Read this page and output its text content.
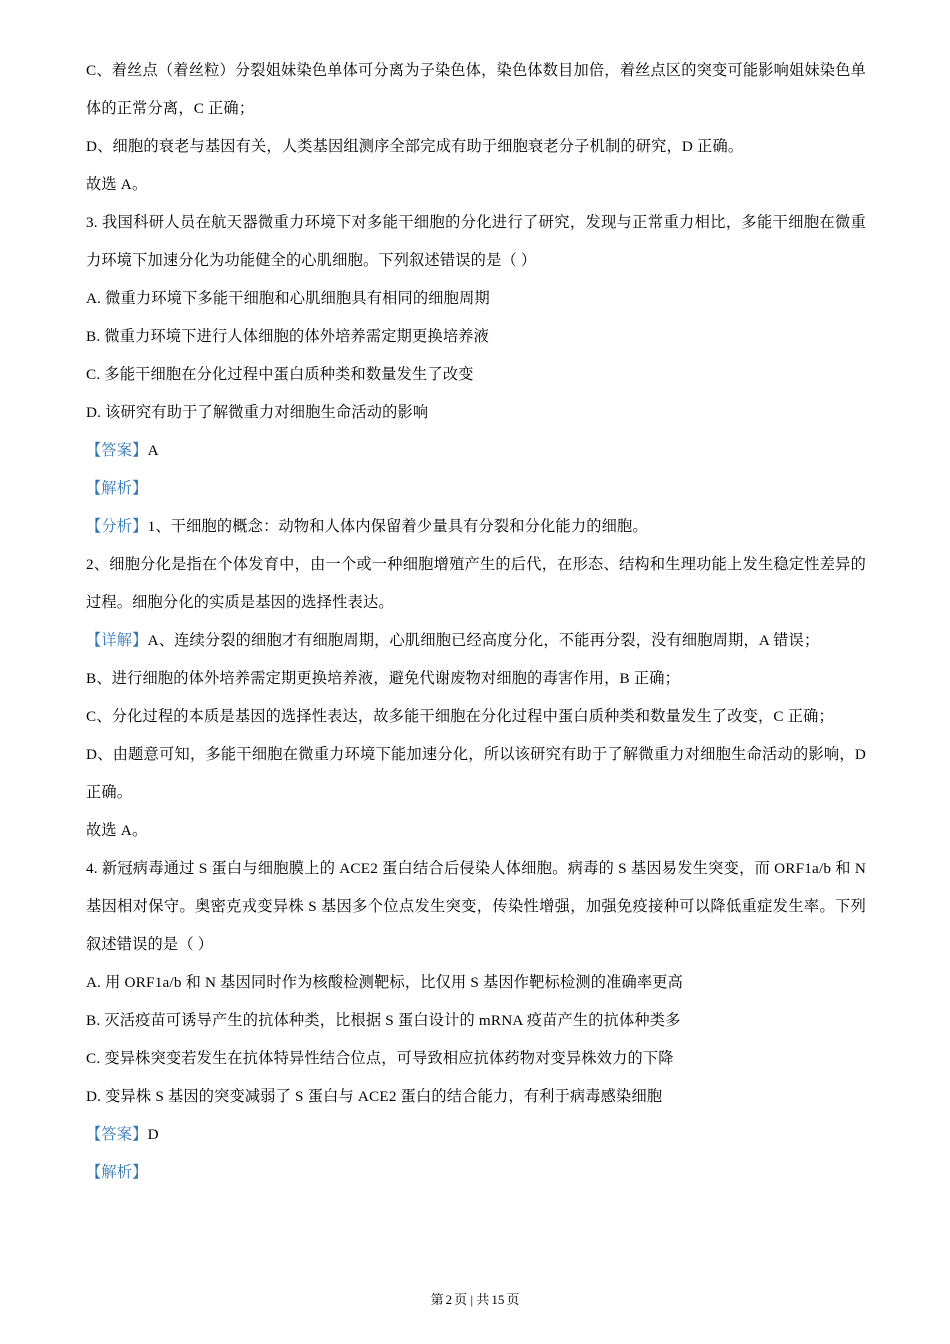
C、着丝点（着丝粒）分裂姐妹染色单体可分离为子染色体，染色体数目加倍，着丝点区的突变可能影响姐妹染色单体的正常分离，C 正确；

D、细胞的衰老与基因有关，人类基因组测序全部完成有助于细胞衰老分子机制的研究，D 正确。

故选 A。

3. 我国科研人员在航天器微重力环境下对多能干细胞的分化进行了研究，发现与正常重力相比，多能干细胞在微重力环境下加速分化为功能健全的心肌细胞。下列叙述错误的是（ ）

A. 微重力环境下多能干细胞和心肌细胞具有相同的细胞周期

B. 微重力环境下进行人体细胞的体外培养需定期更换培养液

C. 多能干细胞在分化过程中蛋白质种类和数量发生了改变

D. 该研究有助于了解微重力对细胞生命活动的影响

【答案】A

【解析】

【分析】1、干细胞的概念：动物和人体内保留着少量具有分裂和分化能力的细胞。

2、细胞分化是指在个体发育中，由一个或一种细胞增殖产生的后代，在形态、结构和生理功能上发生稳定性差异的过程。细胞分化的实质是基因的选择性表达。

【详解】A、连续分裂的细胞才有细胞周期，心肌细胞已经高度分化，不能再分裂，没有细胞周期，A 错误；

B、进行细胞的体外培养需定期更换培养液，避免代谢废物对细胞的毒害作用，B 正确；

C、分化过程的本质是基因的选择性表达，故多能干细胞在分化过程中蛋白质种类和数量发生了改变，C 正确；

D、由题意可知，多能干细胞在微重力环境下能加速分化，所以该研究有助于了解微重力对细胞生命活动的影响，D 正确。

故选 A。

4. 新冠病毒通过 S 蛋白与细胞膜上的 ACE2 蛋白结合后侵染人体细胞。病毒的 S 基因易发生突变，而 ORF1a/b 和 N 基因相对保守。奥密克戎变异株 S 基因多个位点发生突变，传染性增强，加强免疫接种可以降低重症发生率。下列叙述错误的是（ ）

A. 用 ORF1a/b 和 N 基因同时作为核酸检测靶标，比仅用 S 基因作靶标检测的准确率更高

B. 灭活疫苗可诱导产生的抗体种类，比根据 S 蛋白设计的 mRNA 疫苗产生的抗体种类多

C. 变异株突变若发生在抗体特异性结合位点，可导致相应抗体药物对变异株效力的下降

D. 变异株 S 基因的突变减弱了 S 蛋白与 ACE2 蛋白的结合能力，有利于病毒感染细胞

【答案】D

【解析】

第 2 页 | 共 15 页
